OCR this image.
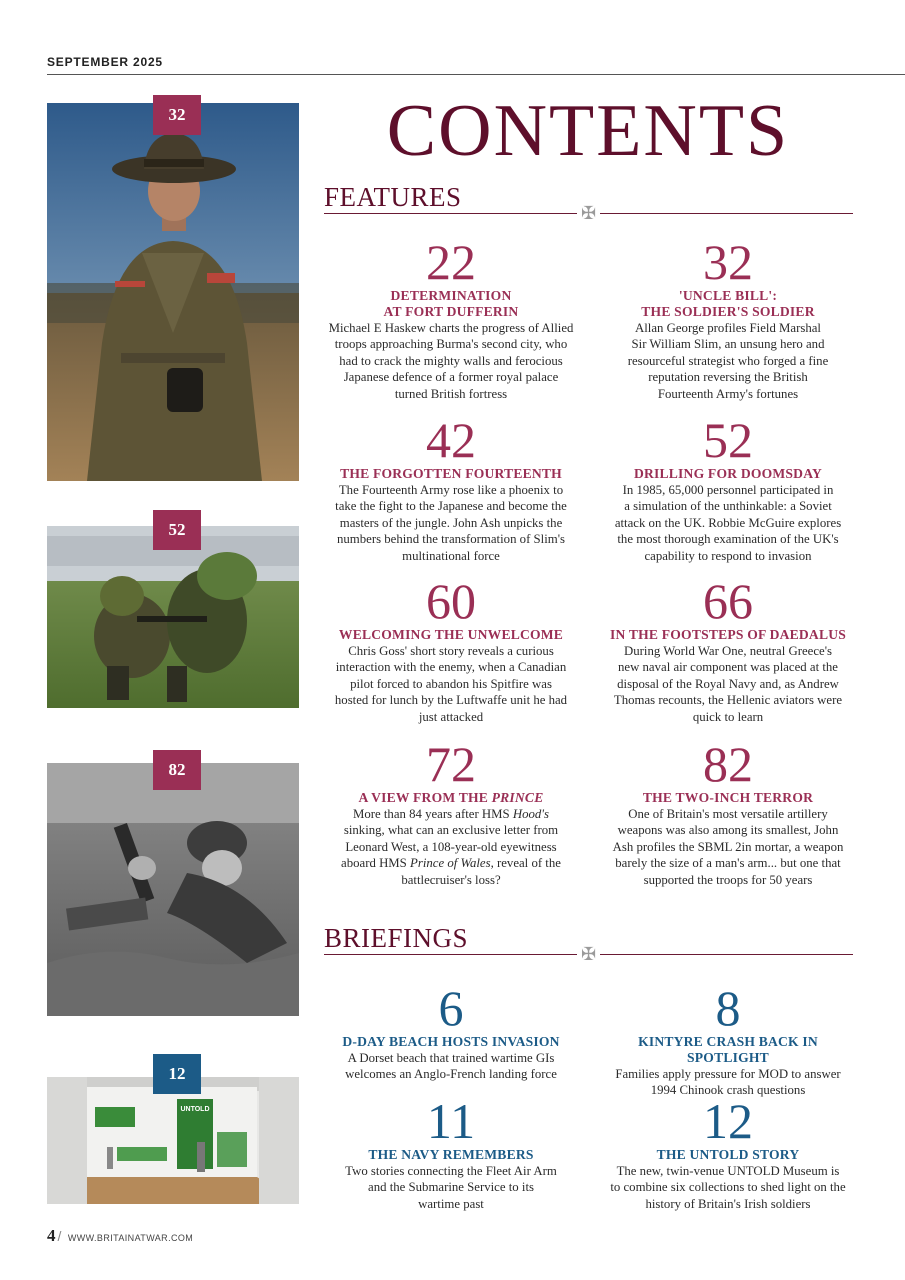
SEPTEMBER 2025
32
52
82
UNTOLD
12
CONTENTS
FEATURES
✠
22
DETERMINATION
AT FORT DUFFERIN
Michael E Haskew charts the progress of Allied
troops approaching Burma's second city, who
had to crack the mighty walls and ferocious
Japanese defence of a former royal palace
turned British fortress
32
'UNCLE BILL':
THE SOLDIER'S SOLDIER
Allan George profiles Field Marshal
Sir William Slim, an unsung hero and
resourceful strategist who forged a fine
reputation reversing the British
Fourteenth Army's fortunes
42
THE FORGOTTEN FOURTEENTH
The Fourteenth Army rose like a phoenix to
take the fight to the Japanese and become the
masters of the jungle. John Ash unpicks the
numbers behind the transformation of Slim's
multinational force
52
DRILLING FOR DOOMSDAY
In 1985, 65,000 personnel participated in
a simulation of the unthinkable: a Soviet
attack on the UK. Robbie McGuire explores
the most thorough examination of the UK's
capability to respond to invasion
60
WELCOMING THE UNWELCOME
Chris Goss' short story reveals a curious
interaction with the enemy, when a Canadian
pilot forced to abandon his Spitfire was
hosted for lunch by the Luftwaffe unit he had
just attacked
66
IN THE FOOTSTEPS OF DAEDALUS
During World War One, neutral Greece's
new naval air component was placed at the
disposal of the Royal Navy and, as Andrew
Thomas recounts, the Hellenic aviators were
quick to learn
72
A VIEW FROM THE PRINCE
More than 84 years after HMS Hood's
sinking, what can an exclusive letter from
Leonard West, a 108-year-old eyewitness
aboard HMS Prince of Wales, reveal of the
battlecruiser's loss?
82
THE TWO-INCH TERROR
One of Britain's most versatile artillery
weapons was also among its smallest, John
Ash profiles the SBML 2in mortar, a weapon
barely the size of a man's arm... but one that
supported the troops for 50 years
BRIEFINGS
✠
6
D-DAY BEACH HOSTS INVASION
A Dorset beach that trained wartime GIs
welcomes an Anglo-French landing force
8
KINTYRE CRASH BACK IN SPOTLIGHT
Families apply pressure for MOD to answer
1994 Chinook crash questions
11
THE NAVY REMEMBERS
Two stories connecting the Fleet Air Arm
and the Submarine Service to its
wartime past
12
THE UNTOLD STORY
The new, twin-venue UNTOLD Museum is
to combine six collections to shed light on the
history of Britain's Irish soldiers
4 / WWW.BRITAINATWAR.COM
